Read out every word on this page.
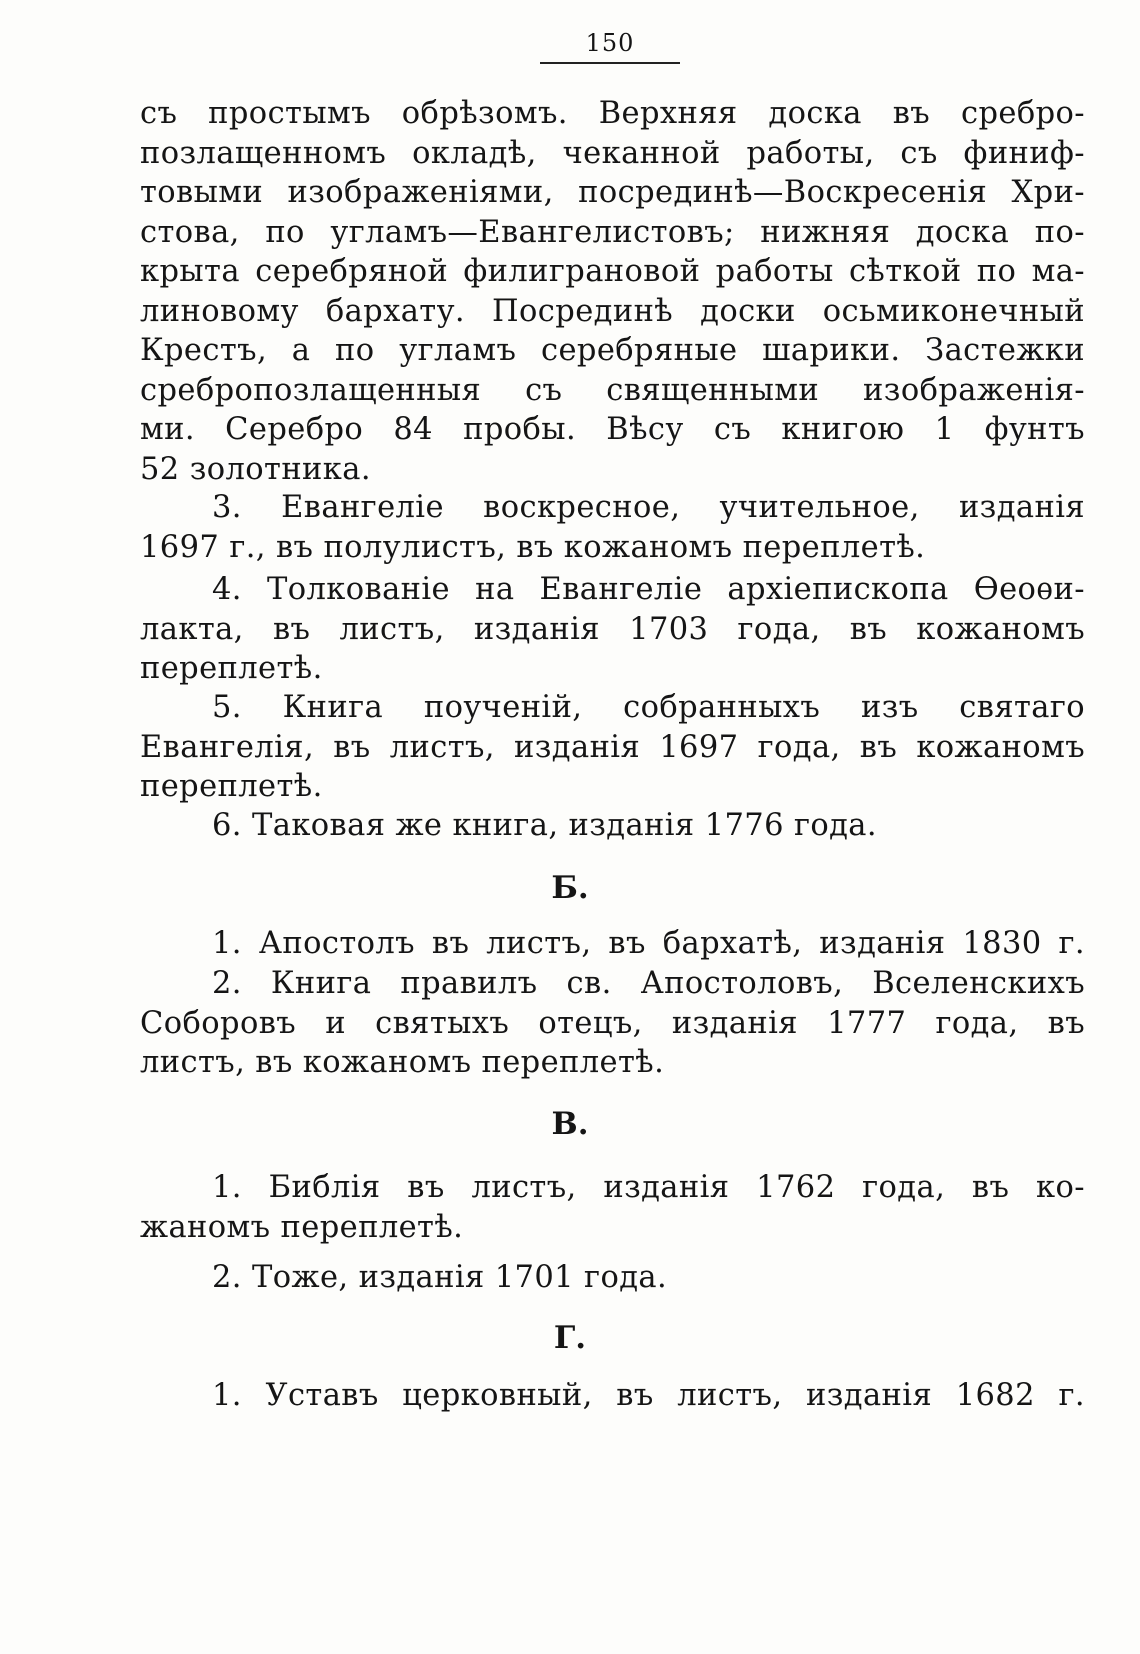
150
съ простымъ обрѣзомъ. Верхняя доска въ сребро-
позлащенномъ окладѣ, чеканной работы, съ финиф-
товыми изображеніями, посрединѣ—Воскресенія Хри-
стова, по угламъ—Евангелистовъ; нижняя доска по-
крыта серебряной филиграновой работы сѣткой по ма-
линовому бархату. Посрединѣ доски осьмиконечный
Крестъ, а по угламъ серебряные шарики. Застежки
сребропозлащенныя съ священными изображенія-
ми. Серебро 84 пробы. Вѣсу съ книгою 1 фунтъ
52 золотника.
3. Евангеліе воскресное, учительное, изданія
1697 г., въ полулистъ, въ кожаномъ переплетѣ.
4. Толкованіе на Евангеліе архіепископа Ѳеоѳи-
лакта, въ листъ, изданія 1703 года, въ кожаномъ
переплетѣ.
5. Книга поученій, собранныхъ изъ святаго
Евангелія, въ листъ, изданія 1697 года, въ кожаномъ
переплетѣ.
6. Таковая же книга, изданія 1776 года.
Б.
1. Апостолъ въ листъ, въ бархатѣ, изданія 1830 г.
2. Книга правилъ св. Апостоловъ, Вселенскихъ
Соборовъ и святыхъ отецъ, изданія 1777 года, въ
листъ, въ кожаномъ переплетѣ.
В.
1. Библія въ листъ, изданія 1762 года, въ ко-
жаномъ переплетѣ.
2. Тоже, изданія 1701 года.
Г.
1. Уставъ церковный, въ листъ, изданія 1682 г.
